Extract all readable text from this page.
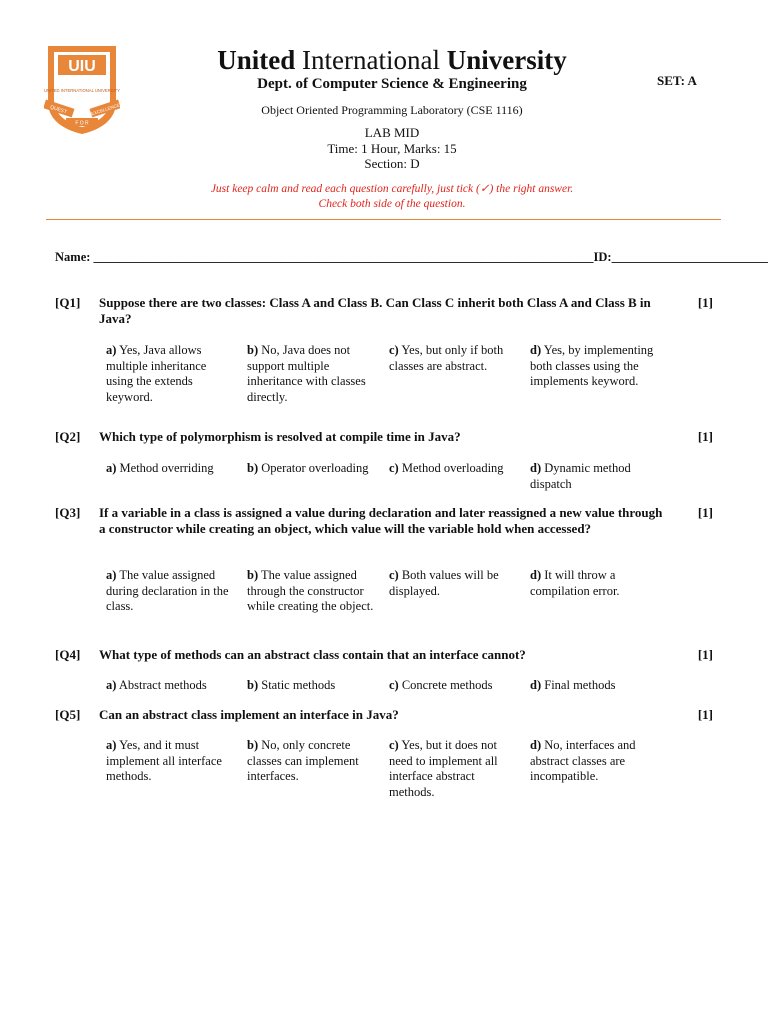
UIU
UNITED INTERNATIONAL UNIVERSITY
QUEST	EXCELLENCE
F O R
United International University
Dept. of Computer Science & Engineering	SET: A
Object Oriented Programming Laboratory (CSE 1116)
LAB MID
Time: 1 Hour, Marks: 15
Section: D
Just keep calm and read each question carefully, just tick (✓) the right answer.
Check both side of the question.
Name: ________________________________________________________________________________ID:_________________________
[Q1] Suppose there are two classes: Class A and Class B. Can Class C inherit both Class A and Class B in Java?
[1]
a) Yes, Java allows multiple inheritance using the extends keyword.
b) No, Java does not support multiple inheritance with classes directly.
c) Yes, but only if both classes are abstract.
d) Yes, by implementing both classes using the implements keyword.
[Q2] Which type of polymorphism is resolved at compile time in Java?	[1]
a) Method overriding	b) Operator overloading	c) Method overloading	d) Dynamic method dispatch
[Q3] If a variable in a class is assigned a value during declaration and later reassigned a new value through a constructor while creating an object, which value will the variable hold when accessed?
[1]
a) The value assigned during declaration in the class.
b) The value assigned through the constructor while creating the object.
c) Both values will be displayed.
d) It will throw a compilation error.
[Q4] What type of methods can an abstract class contain that an interface cannot?	[1]
a) Abstract methods	b) Static methods	c) Concrete methods	d) Final methods
[Q5] Can an abstract class implement an interface in Java?	[1]
a) Yes, and it must implement all interface methods.
b) No, only concrete classes can implement interfaces.
c) Yes, but it does not need to implement all interface abstract methods.
d) No, interfaces and abstract classes are incompatible.
